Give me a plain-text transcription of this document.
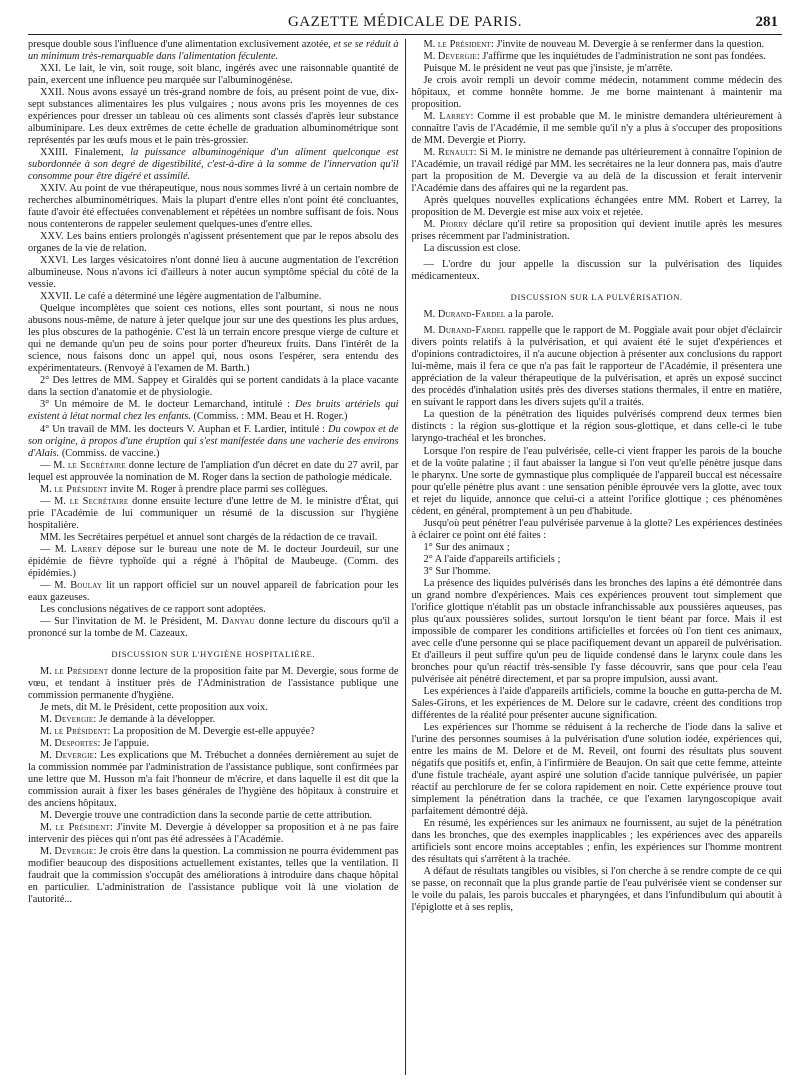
GAZETTE MÉDICALE DE PARIS.	281

presque double sous l'influence d'une alimentation exclusivement azotée, et se se réduit à un minimum très-remarquable dans l'alimentation féculente.

XXI. Le lait, le vin, soit rouge, soit blanc, ingérés avec une raisonnable quantité de pain, exercent une influence peu marquée sur l'albuminogénèse.

XXII. Nous avons essayé un très-grand nombre de fois, au présent point de vue, dix-sept substances alimentaires les plus vulgaires ; nous avons pris les moyennes de ces expériences pour dresser un tableau où ces aliments sont classés d'après leur substance albuminipare. Les deux extrêmes de cette échelle de graduation albuminométrique sont représentés par les œufs mous et le pain très-grossier.

XXIII. Finalement, la puissance albuminogénique d'un aliment quelconque est subordonnée à son degré de digestibilité, c'est-à-dire à la somme de l'innervation qu'il consomme pour être digéré et assimilé.

XXIV. Au point de vue thérapeutique, nous nous sommes livré à un certain nombre de recherches albuminométriques. Mais la plupart d'entre elles n'ont point été concluantes, faute d'avoir été effectuées convenablement et répétées un nombre suffisant de fois. Nous nous contenterons de rappeler seulement quelques-unes d'entre elles.

XXV. Les bains entiers prolongés n'agissent présentement que par le repos absolu des organes de la vie de relation.

XXVI. Les larges vésicatoires n'ont donné lieu à aucune augmentation de l'excrétion albumineuse. Nous n'avons ici d'ailleurs à noter aucun symptôme spécial du côté de la vessie.

XXVII. Le café a déterminé une légère augmentation de l'albumine.

Quelque incomplètes que soient ces notions, elles sont pourtant, si nous ne nous abusons nous-même, de nature à jeter quelque jour sur une des questions les plus ardues, les plus obscures de la pathogénie. C'est là un terrain encore presque vierge de culture et qui ne demande qu'un peu de soins pour porter d'heureux fruits. Dans l'intérêt de la science, nous faisons donc un appel qui, nous osons l'espérer, sera entendu des expérimentateurs. (Renvoyé à l'examen de M. Barth.)

2° Des lettres de MM. Sappey et Giraldès qui se portent candidats à la place vacante dans la section d'anatomie et de physiologie.

3° Un mémoire de M. le docteur Lemarchand, intitulé : Des bruits artériels qui existent à létat normal chez les enfants. (Commiss. : MM. Beau et H. Roger.)

4° Un travail de MM. les docteurs V. Auphan et F. Lardier, intitulé : Du cowpox et de son origine, à propos d'une éruption qui s'est manifestée dans une vacherie des environs d'Alais. (Commiss. de vaccine.)

— M. le Secrétaire donne lecture de l'ampliation d'un décret en date du 27 avril, par lequel est approuvée la nomination de M. Roger dans la section de pathologie médicale.

M. le Président invite M. Roger à prendre place parmi ses collègues.

— M. le Secrétaire donne ensuite lecture d'une lettre de M. le ministre d'État, qui prie l'Académie de lui communiquer un résumé de la discussion sur l'hygiène hospitalière.

MM. les Secrétaires perpétuel et annuel sont chargés de la rédaction de ce travail.

— M. Larrey dépose sur le bureau une note de M. le docteur Jourdeuil, sur une épidémie de fièvre typhoïde qui a régné à l'hôpital de Maubeuge. (Comm. des épidémies.)

— M. Boulay lit un rapport officiel sur un nouvel appareil de fabrication pour les eaux gazeuses.

Les conclusions négatives de ce rapport sont adoptées.

— Sur l'invitation de M. le Président, M. Danyau donne lecture du discours qu'il a prononcé sur la tombe de M. Cazeaux.

DISCUSSION SUR L'HYGIÈNE HOSPITALIÈRE.

M. le Président donne lecture de la proposition faite par M. Devergie, sous forme de vœu, et tendant à instituer près de l'Administration de l'assistance publique une commission permanente d'hygiène.

Je mets, dit M. le Président, cette proposition aux voix.

M. Devergie: Je demande à la développer.

M. le Président: La proposition de M. Devergie est-elle appuyée?

M. Desportes: Je l'appuie.

M. Devergie: Les explications que M. Trébuchet a données dernièrement au sujet de la commission nommée par l'administration de l'assistance publique, sont confirmées par une lettre que M. Husson m'a fait l'honneur de m'écrire, et dans laquelle il est dit que la commission aurait à fixer les bases générales de l'hygiène des hôpitaux à construire et des anciens hôpitaux.

M. Devergie trouve une contradiction dans la seconde partie de cette attribution.

M. le Président: J'invite M. Devergie à développer sa proposition et à ne pas faire intervenir des pièces qui n'ont pas été adressées à l'Académie.

M. Devergie: Je crois être dans la question. La commission ne pourra évidemment pas modifier beaucoup des dispositions actuellement existantes, telles que la ventilation. Il faudrait que la commission s'occupât des améliorations à introduire dans chaque hôpital en particulier. L'administration de l'assistance publique voit là une violation de l'autorité...

M. le Président: J'invite de nouveau M. Devergie à se renfermer dans la question.

M. Devergie: J'affirme que les inquiétudes de l'administration ne sont pas fondées.

Puisque M. le président ne veut pas que j'insiste, je m'arrête.

Je crois avoir rempli un devoir comme médecin, notamment comme médecin des hôpitaux, et comme honnête homme. Je me borne maintenant à maintenir ma proposition.

M. Larrey: Comme il est probable que M. le ministre demandera ultérieurement à connaître l'avis de l'Académie, il me semble qu'il n'y a plus à s'occuper des propositions de MM. Devergie et Piorry.

M. Renault: Si M. le ministre ne demande pas ultérieurement à connaître l'opinion de l'Académie, un travail rédigé par MM. les secrétaires ne la leur donnera pas, mais d'autre part la proposition de M. Devergie va au delà de la discussion et ferait intervenir l'Académie dans des affaires qui ne la regardent pas.

Après quelques nouvelles explications échangées entre MM. Robert et Larrey, la proposition de M. Devergie est mise aux voix et rejetée.

M. Piorry déclare qu'il retire sa proposition qui devient inutile après les mesures prises récemment par l'administration.

La discussion est close.

— L'ordre du jour appelle la discussion sur la pulvérisation des liquides médicamenteux.

DISCUSSION SUR LA PULVÉRISATION.

M. Durand-Fardel a la parole.

M. Durand-Fardel rappelle que le rapport de M. Poggiale avait pour objet d'éclaircir divers points relatifs à la pulvérisation, et qui avaient été le sujet d'expériences et d'opinions contradictoires, il n'a aucune objection à présenter aux conclusions du rapport lui-même, mais il fera ce que n'a pas fait le rapporteur de l'Académie, il présentera une appréciation de la valeur thérapeutique de la pulvérisation, et après un exposé succinct des procédés d'inhalation usités près des diverses stations thermales, il entre en matière, en suivant le rapport dans les divers sujets qu'il a traités.

La question de la pénétration des liquides pulvérisés comprend deux termes bien distincts : la région sus-glottique et la région sous-glottique, et dans celle-ci le tube laryngo-trachéal et les bronches.

Lorsque l'on respire de l'eau pulvérisée, celle-ci vient frapper les parois de la bouche et de la voûte palatine ; il faut abaisser la langue si l'on veut qu'elle pénètre jusque dans le pharynx. Une sorte de gymnastique plus compliquée de l'appareil buccal est nécessaire pour qu'elle pénètre plus avant : une sensation pénible éprouvée vers la glotte, avec toux et rejet du liquide, annonce que celui-ci a atteint l'orifice glottique ; ces phénomènes cèdent, en général, promptement à un peu d'habitude.

Jusqu'où peut pénétrer l'eau pulvérisée parvenue à la glotte? Les expériences destinées à éclairer ce point ont été faites :

1° Sur des animaux ;

2° A l'aide d'appareils artificiels ;

3° Sur l'homme.

La présence des liquides pulvérisés dans les bronches des lapins a été démontrée dans un grand nombre d'expériences. Mais ces expériences prouvent tout simplement que l'orifice glottique n'établit pas un obstacle infranchissable aux poussières aqueuses, pas plus qu'aux poussières solides, surtout lorsqu'on le tient béant par force. Mais il est impossible de comparer les conditions artificielles et forcées où l'on tient ces animaux, avec celle d'une personne qui se place pacifiquement devant un appareil de pulvérisation. Et d'ailleurs il peut suffire qu'un peu de liquide condensé dans le larynx coule dans les bronches pour qu'un réactif très-sensible l'y fasse découvrir, sans que pour cela l'eau pulvérisée ait pénétré directement, et par sa propre impulsion, aussi avant.

Les expériences à l'aide d'appareils artificiels, comme la bouche en gutta-percha de M. Sales-Girons, et les expériences de M. Delore sur le cadavre, créent des conditions trop différentes de la réalité pour présenter aucune signification.

Les expériences sur l'homme se réduisent à la recherche de l'iode dans la salive et l'urine des personnes soumises à la pulvérisation d'une solution iodée, expériences qui, entre les mains de M. Delore et de M. Reveil, ont fourni des résultats plus souvent négatifs que positifs et, enfin, à l'infirmière de Beaujon. On sait que cette femme, atteinte d'une fistule trachéale, ayant aspiré une solution d'acide tannique pulvérisée, un papier réactif au perchlorure de fer se colora rapidement en noir. Cette expérience prouve tout simplement la pénétration dans la trachée, ce que l'examen laryngoscopique avait parfaitement démontré déjà.

En résumé, les expériences sur les animaux ne fournissent, au sujet de la pénétration dans les bronches, que des exemples inapplicables ; les expériences avec des appareils artificiels sont encore moins acceptables ; enfin, les expériences sur l'homme montrent des résultats qui s'arrêtent à la trachée.

A défaut de résultats tangibles ou visibles, si l'on cherche à se rendre compte de ce qui se passe, on reconnaît que la plus grande partie de l'eau pulvérisée vient se condenser sur le voile du palais, les parois buccales et pharyngées, et dans l'infundibulum qui aboutit à l'épiglotte et à ses replis,
